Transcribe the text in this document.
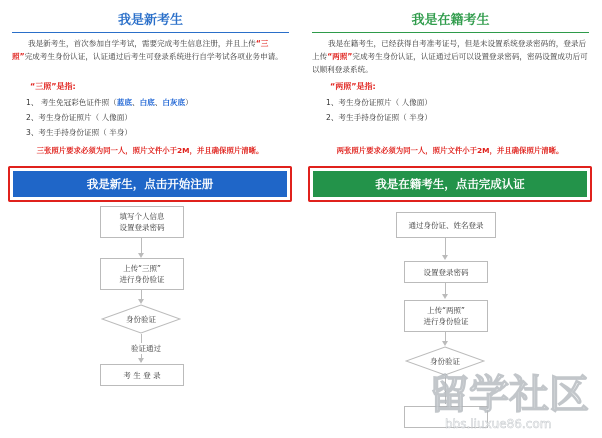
我是新考生
我是新考生，首次参加自学考试，需要完成考生信息注册，并且上传“三照”完成考生身份认证，认证通过后考生可登录系统进行自学考试各项业务申请。
“三照”是指:
1、 考生免冠彩色证件照（蓝底、白底、白灰底）
2、考生身份证照片（ 人像面）
3、考生手持身份证照（ 半身）
三张照片要求必须为同一人，照片文件小于2M，并且确保照片清晰。
我是新生，点击开始注册
填写个人信息
设置登录密码
上传“三照”
进行身份验证
身份验证
验证通过
考 生 登 录
我是在籍考生
我是在籍考生，已经获得自考准考证号，但是未设置系统登录密码的，登录后上传“两照”完成考生身份认证，认证通过后可以设置登录密码，密码设置成功后可以顺利登录系统。
“两照”是指:
1、考生身份证照片（ 人像面）
2、考生手持身份证照（ 半身）
两张照片要求必须为同一人，照片文件小于2M，并且确保照片清晰。
我是在籍考生，点击完成认证
通过身份证、姓名登录
设置登录密码
上传“两照”
进行身份验证
身份验证
留学社区
bbs.liuxue86.com
